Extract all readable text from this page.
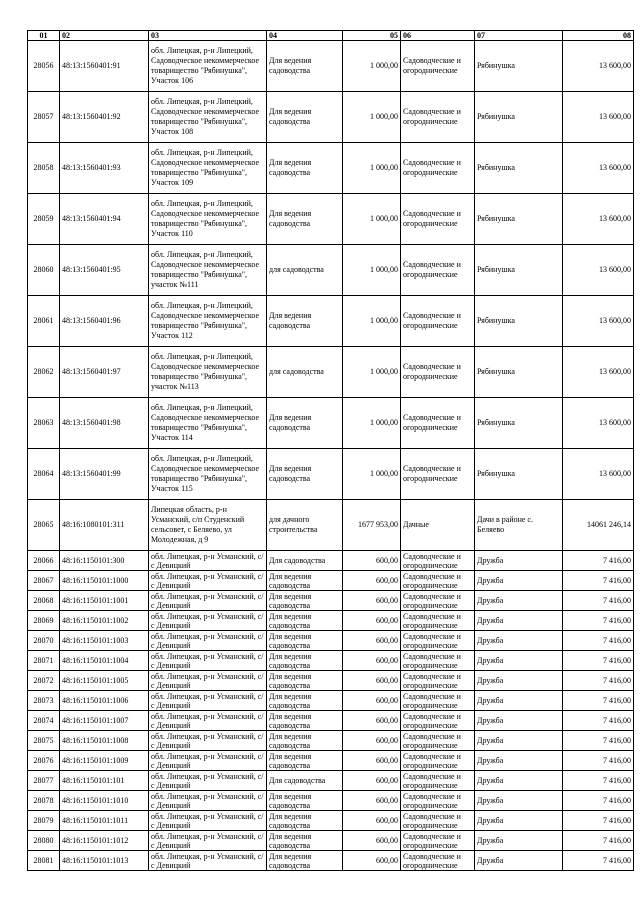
01	02	03	04	05	06	07	08
28056	48:13:1560401:91	обл. Липецкая, р-н Липецкий, Садоводческое некоммерческое товарищество "Рябинушка", Участок 106	Для ведения садоводства	1 000,00	Садоводческие и огороднические	Рябинушка	13 600,00
28057	48:13:1560401:92	обл. Липецкая, р-н Липецкий, Садоводческое некоммерческое товарищество "Рябинушка", Участок 108	Для ведения садоводства	1 000,00	Садоводческие и огороднические	Рябинушка	13 600,00
28058	48:13:1560401:93	обл. Липецкая, р-н Липецкий, Садоводческое некоммерческое товарищество "Рябинушка", Участок 109	Для ведения садоводства	1 000,00	Садоводческие и огороднические	Рябинушка	13 600,00
28059	48:13:1560401:94	обл. Липецкая, р-н Липецкий, Садоводческое некоммерческое товарищество "Рябинушка", Участок 110	Для ведения садоводства	1 000,00	Садоводческие и огороднические	Рябинушка	13 600,00
28060	48:13:1560401:95	обл. Липецкая, р-н Липецкий, Садоводческое некоммерческое товарищество "Рябинушка", участок №111	для садоводства	1 000,00	Садоводческие и огороднические	Рябинушка	13 600,00
28061	48:13:1560401:96	обл. Липецкая, р-н Липецкий, Садоводческое некоммерческое товарищество "Рябинушка", Участок 112	Для ведения садоводства	1 000,00	Садоводческие и огороднические	Рябинушка	13 600,00
28062	48:13:1560401:97	обл. Липецкая, р-н Липецкий, Садоводческое некоммерческое товарищество "Рябинушка", участок №113	для садоводства	1 000,00	Садоводческие и огороднические	Рябинушка	13 600,00
28063	48:13:1560401:98	обл. Липецкая, р-н Липецкий, Садоводческое некоммерческое товарищество "Рябинушка", Участок 114	Для ведения садоводства	1 000,00	Садоводческие и огороднические	Рябинушка	13 600,00
28064	48:13:1560401:99	обл. Липецкая, р-н Липецкий, Садоводческое некоммерческое товарищество "Рябинушка", Участок 115	Для ведения садоводства	1 000,00	Садоводческие и огороднические	Рябинушка	13 600,00
28065	48:16:1080101:311	Липецкая область, р-н Усманский, с/п Студенский сельсовет, с Беляево, ул Молодежная, д 9	для дачного строительства	1677 953,00	Дачные	Дачи в районе с. Беляево	14061 246,14
28066	48:16:1150101:300	обл. Липецкая, р-н Усманский, с/с Девицкий	Для садоводства	600,00	Садоводческие и огороднические	Дружба	7 416,00
28067	48:16:1150101:1000	обл. Липецкая, р-н Усманский, с/с Девицкий	Для ведения садоводства	600,00	Садоводческие и огороднические	Дружба	7 416,00
28068	48:16:1150101:1001	обл. Липецкая, р-н Усманский, с/с Девицкий	Для ведения садоводства	600,00	Садоводческие и огороднические	Дружба	7 416,00
28069	48:16:1150101:1002	обл. Липецкая, р-н Усманский, с/с Девицкий	Для ведения садоводства	600,00	Садоводческие и огороднические	Дружба	7 416,00
28070	48:16:1150101:1003	обл. Липецкая, р-н Усманский, с/с Девицкий	Для ведения садоводства	600,00	Садоводческие и огороднические	Дружба	7 416,00
28071	48:16:1150101:1004	обл. Липецкая, р-н Усманский, с/с Девицкий	Для ведения садоводства	600,00	Садоводческие и огороднические	Дружба	7 416,00
28072	48:16:1150101:1005	обл. Липецкая, р-н Усманский, с/с Девицкий	Для ведения садоводства	600,00	Садоводческие и огороднические	Дружба	7 416,00
28073	48:16:1150101:1006	обл. Липецкая, р-н Усманский, с/с Девицкий	Для ведения садоводства	600,00	Садоводческие и огороднические	Дружба	7 416,00
28074	48:16:1150101:1007	обл. Липецкая, р-н Усманский, с/с Девицкий	Для ведения садоводства	600,00	Садоводческие и огороднические	Дружба	7 416,00
28075	48:16:1150101:1008	обл. Липецкая, р-н Усманский, с/с Девицкий	Для ведения садоводства	600,00	Садоводческие и огороднические	Дружба	7 416,00
28076	48:16:1150101:1009	обл. Липецкая, р-н Усманский, с/с Девицкий	Для ведения садоводства	600,00	Садоводческие и огороднические	Дружба	7 416,00
28077	48:16:1150101:101	обл. Липецкая, р-н Усманский, с/с Девицкий	Для садоводства	600,00	Садоводческие и огороднические	Дружба	7 416,00
28078	48:16:1150101:1010	обл. Липецкая, р-н Усманский, с/с Девицкий	Для ведения садоводства	600,00	Садоводческие и огороднические	Дружба	7 416,00
28079	48:16:1150101:1011	обл. Липецкая, р-н Усманский, с/с Девицкий	Для ведения садоводства	600,00	Садоводческие и огороднические	Дружба	7 416,00
28080	48:16:1150101:1012	обл. Липецкая, р-н Усманский, с/с Девицкий	Для ведения садоводства	600,00	Садоводческие и огороднические	Дружба	7 416,00
28081	48:16:1150101:1013	обл. Липецкая, р-н Усманский, с/с Девицкий	Для ведения садоводства	600,00	Садоводческие и огороднические	Дружба	7 416,00
